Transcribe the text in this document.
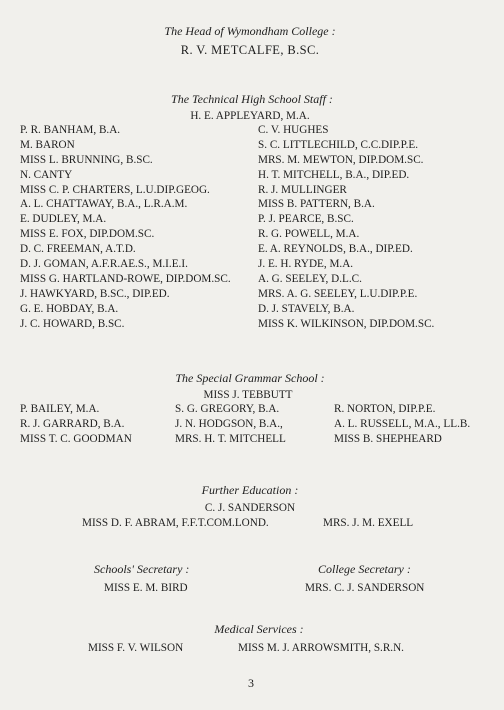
The Head of Wymondham College :
R. V. METCALFE, B.SC.
The Technical High School Staff :
H. E. APPLEYARD, M.A.
P. R. BANHAM, B.A.
M. BARON
MISS L. BRUNNING, B.SC.
N. CANTY
MISS C. P. CHARTERS, L.U.DIP.GEOG.
A. L. CHATTAWAY, B.A., L.R.A.M.
E. DUDLEY, M.A.
MISS E. FOX, DIP.DOM.SC.
D. C. FREEMAN, A.T.D.
D. J. GOMAN, A.F.R.AE.S., M.I.E.I.
MISS G. HARTLAND-ROWE, DIP.DOM.SC.
J. HAWKYARD, B.SC., DIP.ED.
G. E. HOBDAY, B.A.
J. C. HOWARD, B.SC.
C. V. HUGHES
S. C. LITTLECHILD, C.C.DIP.P.E.
MRS. M. MEWTON, DIP.DOM.SC.
H. T. MITCHELL, B.A., DIP.ED.
R. J. MULLINGER
MISS B. PATTERN, B.A.
P. J. PEARCE, B.SC.
R. G. POWELL, M.A.
E. A. REYNOLDS, B.A., DIP.ED.
J. E. H. RYDE, M.A.
A. G. SEELEY, D.L.C.
MRS. A. G. SEELEY, L.U.DIP.P.E.
D. J. STAVELY, B.A.
MISS K. WILKINSON, DIP.DOM.SC.
The Special Grammar School :
MISS J. TEBBUTT
P. BAILEY, M.A.
R. J. GARRARD, B.A.
MISS T. C. GOODMAN
S. G. GREGORY, B.A.
J. N. HODGSON, B.A.,
MRS. H. T. MITCHELL
R. NORTON, DIP.P.E.
A. L. RUSSELL, M.A., LL.B.
MISS B. SHEPHEARD
Further Education :
C. J. SANDERSON
MISS D. F. ABRAM, F.F.T.COM.LOND.	MRS. J. M. EXELL
Schools' Secretary :
MISS E. M. BIRD
College Secretary :
MRS. C. J. SANDERSON
Medical Services :
MISS F. V. WILSON	MISS M. J. ARROWSMITH, S.R.N.
3
